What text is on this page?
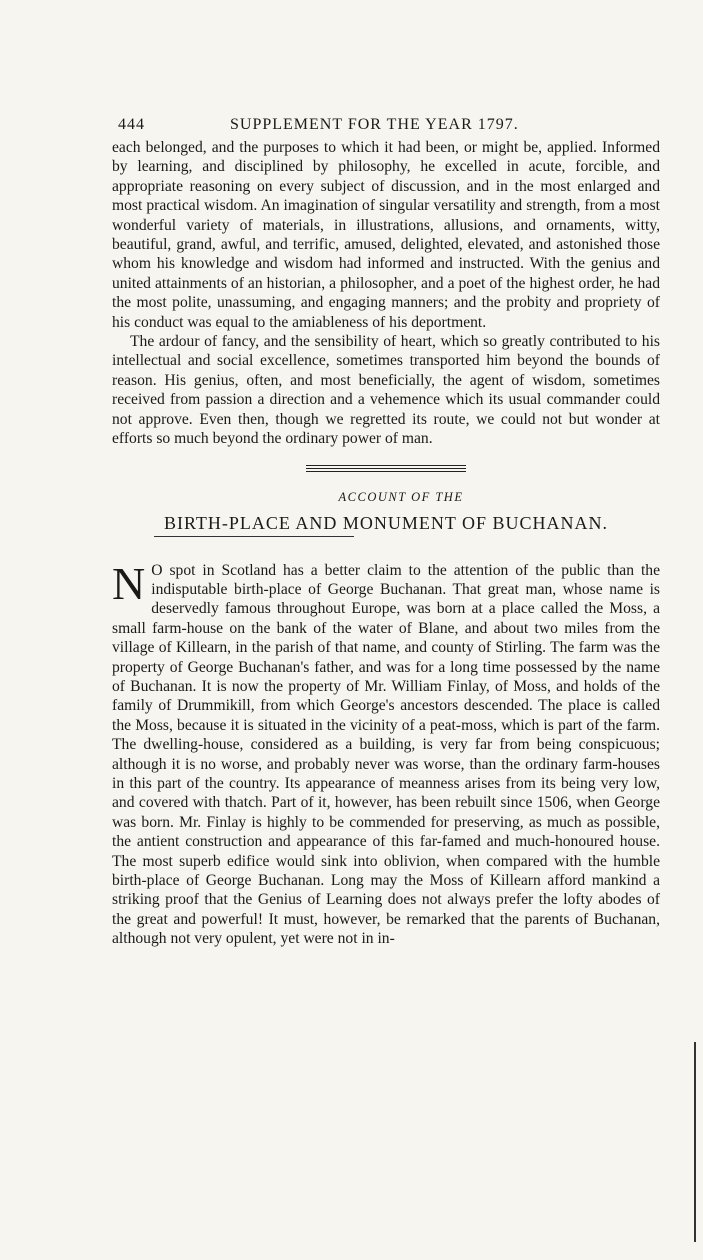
444	SUPPLEMENT FOR THE YEAR 1797.

each belonged, and the purposes to which it had been, or might be, applied. Informed by learning, and disciplined by philosophy, he excelled in acute, forcible, and appropriate reasoning on every subject of discussion, and in the most enlarged and most practical wisdom. An imagination of singular versatility and strength, from a most wonderful variety of materials, in illustrations, allusions, and ornaments, witty, beautiful, grand, awful, and terrific, amused, delighted, elevated, and astonished those whom his knowledge and wisdom had informed and instructed. With the genius and united attainments of an historian, a philosopher, and a poet of the highest order, he had the most polite, unassuming, and engaging manners; and the probity and propriety of his conduct was equal to the amiableness of his deportment.

The ardour of fancy, and the sensibility of heart, which so greatly contributed to his intellectual and social excellence, sometimes transported him beyond the bounds of reason. His genius, often, and most beneficially, the agent of wisdom, sometimes received from passion a direction and a vehemence which its usual commander could not approve. Even then, though we regretted its route, we could not but wonder at efforts so much beyond the ordinary power of man.

ACCOUNT OF THE
BIRTH-PLACE AND MONUMENT OF BUCHANAN.
N O spot in Scotland has a better claim to the attention of the public than the indisputable birth-place of George Buchanan. That great man, whose name is deservedly famous throughout Europe, was born at a place called the Moss, a small farm-house on the bank of the water of Blane, and about two miles from the village of Killearn, in the parish of that name, and county of Stirling. The farm was the property of George Buchanan's father, and was for a long time possessed by the name of Buchanan. It is now the property of Mr. William Finlay, of Moss, and holds of the family of Drummikill, from which George's ancestors descended. The place is called the Moss, because it is situated in the vicinity of a peat-moss, which is part of the farm. The dwelling-house, considered as a building, is very far from being conspicuous; although it is no worse, and probably never was worse, than the ordinary farm-houses in this part of the country. Its appearance of meanness arises from its being very low, and covered with thatch. Part of it, however, has been rebuilt since 1506, when George was born. Mr. Finlay is highly to be commended for preserving, as much as possible, the antient construction and appearance of this far-famed and much-honoured house. The most superb edifice would sink into oblivion, when compared with the humble birth-place of George Buchanan. Long may the Moss of Killearn afford mankind a striking proof that the Genius of Learning does not always prefer the lofty abodes of the great and powerful! It must, however, be remarked that the parents of Buchanan, although not very opulent, yet were not in in-
